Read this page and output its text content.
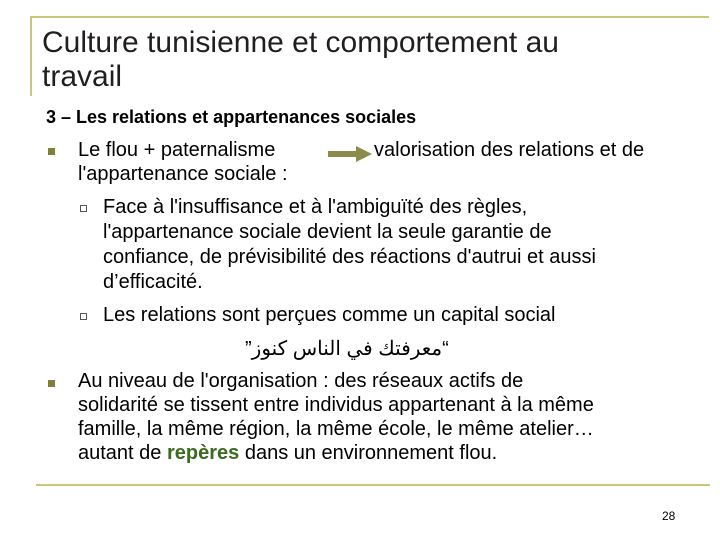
Culture tunisienne et comportement au
travail
3 – Les relations et appartenances sociales
Le flou + paternalisme	valorisation des relations et de
l'appartenance sociale :
Face à l'insuffisance et à l'ambiguïté des règles,
l'appartenance sociale devient la seule garantie de
confiance, de prévisibilité des réactions d'autrui et aussi
d’efficacité.
Les relations sont perçues comme un capital social
“معرفتك في الناس كنوز”
Au niveau de l'organisation : des réseaux actifs de
solidarité se tissent entre individus appartenant à la même
famille, la même région, la même école, le même atelier…
autant de repères dans un environnement flou.
28
